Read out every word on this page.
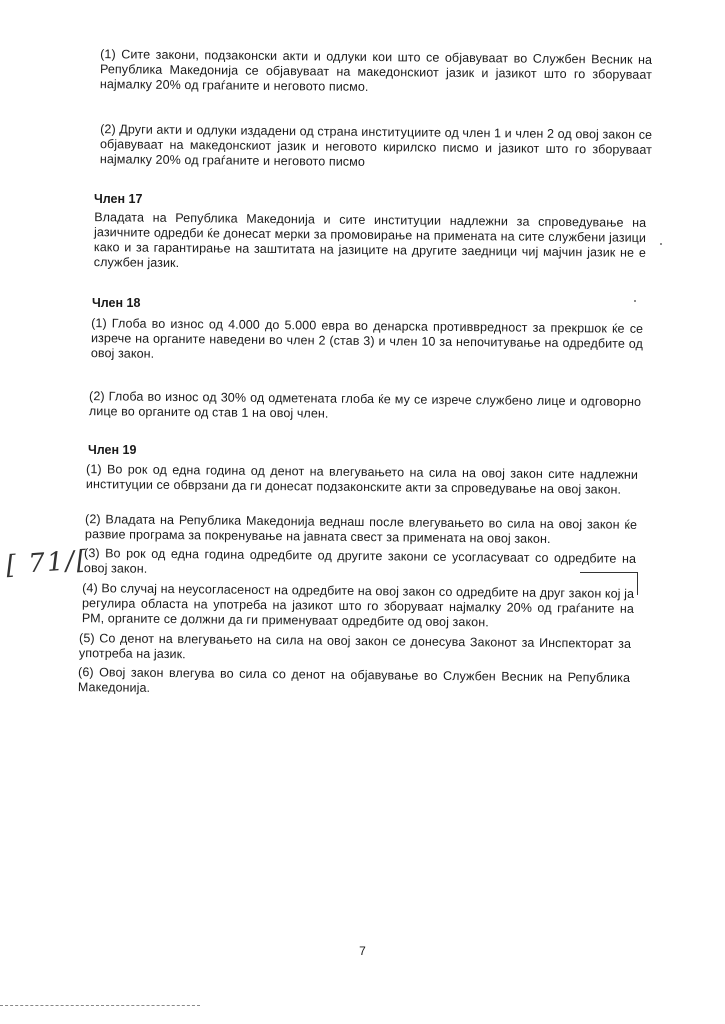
(1) Сите закони, подзаконски акти и одлуки кои што се објавуваат во Службен Весник на Република Македонија се објавуваат на македонскиот јазик и јазикот што го зборуваат најмалку 20% од граѓаните и неговото писмо.

(2) Други акти и одлуки издадени од страна институциите од член 1 и член 2 од овој закон се објавуваат на македонскиот јазик и неговото кирилско писмо и јазикот што го зборуваат најмалку 20% од граѓаните и неговото писмо

Член 17

Владата на Република Македонија и сите институции надлежни за спроведување на јазичните одредби ќе донесат мерки за промовирање на примената на сите службени јазици како и за гарантирање на заштитата на јазиците на другите заедници чиј мајчин јазик не е службен јазик.

Член 18

(1) Глоба во износ од 4.000 до 5.000 евра во денарска противвредност за прекршок ќе се изрече на органите наведени во член 2 (став 3) и член 10 за непочитување на одредбите од овој закон.

(2) Глоба во износ од 30% од одметената глоба ќе му се изрече службено лице и одговорно лице во органите од став 1 на овој член.

Член 19

(1) Во рок од една година од денот на влегувањето на сила на овој закон сите надлежни институции се обврзани да ги донесат подзаконските акти за спроведување на овој закон.

(2) Владата на Република Македонија веднаш после влегувањето во сила на овој закон ќе развие програма за покренување на јавната свест за примената на овој закон.

(3) Во рок од една година одредбите од другите закони се усогласуваат со одредбите на овој закон.

(4) Во случај на неусогласеност на одредбите на овој закон со одредбите на друг закон кој ја регулира областа на употреба на јазикот што го зборуваат најмалку 20% од граѓаните на РМ, органите се должни да ги применуваат одредбите од овој закон.

(5) Со денот на влегувањето на сила на овој закон се донесува Законот за Инспекторат за употреба на јазик.

(6) Овој закон влегува во сила со денот на објавување во Службен Весник на Република Македонија.

[ 71/[
7
